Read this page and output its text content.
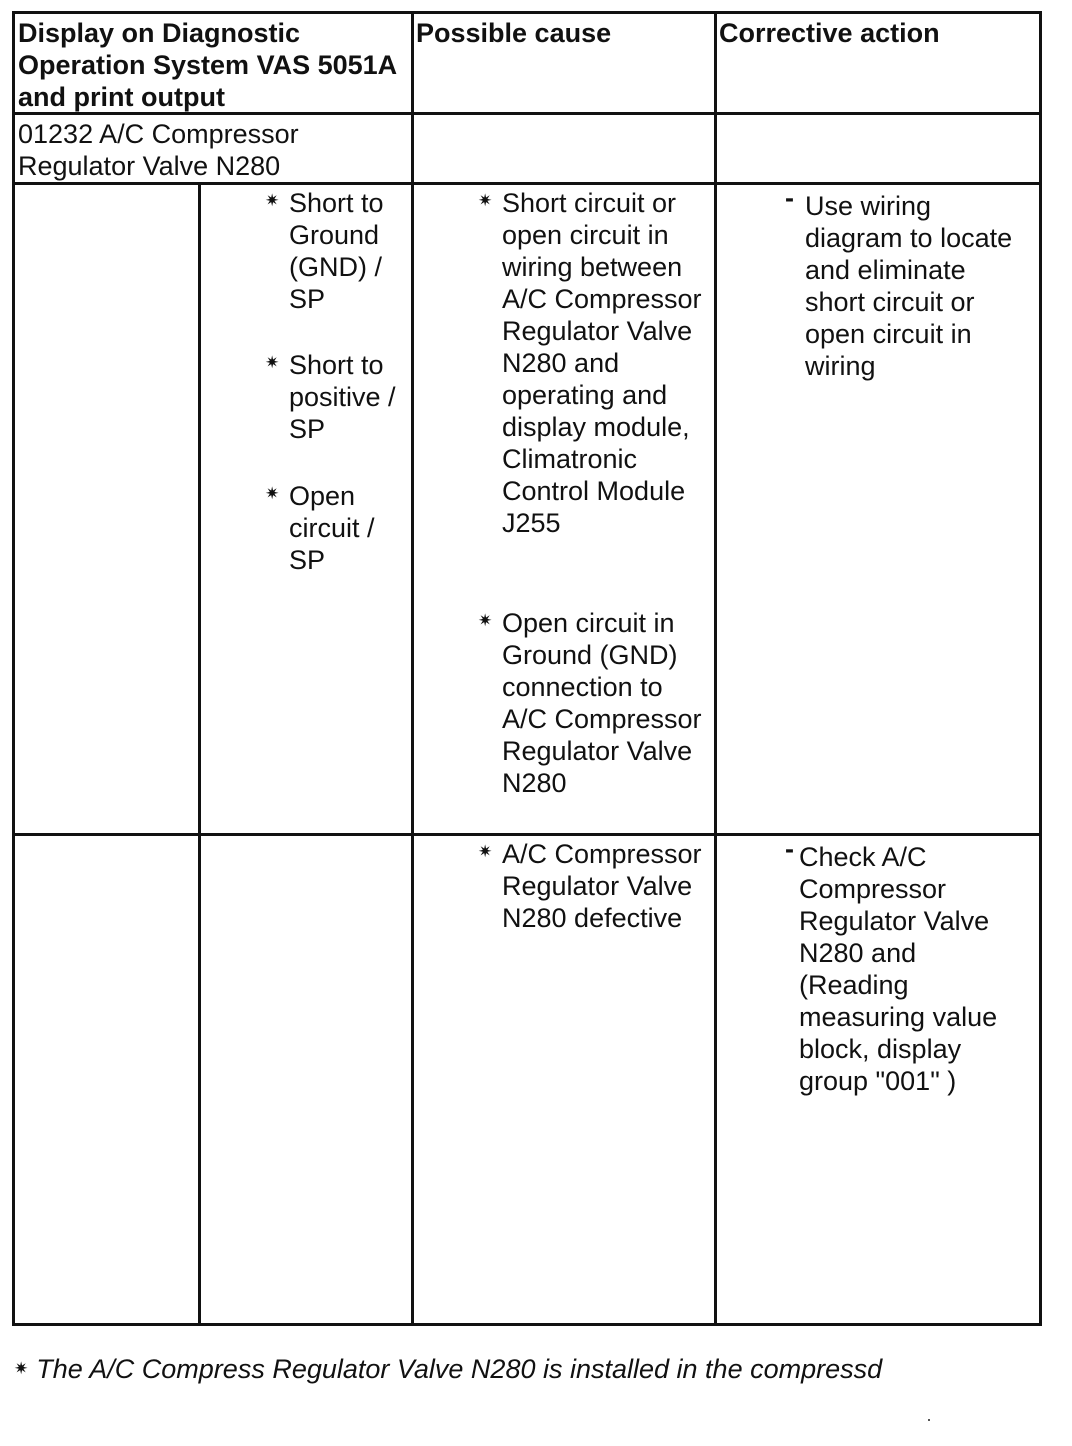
Display on Diagnostic Operation System VAS 5051A and print output
Possible cause	Corrective action
01232 A/C Compressor Regulator Valve N280
✷ Short to Ground (GND) / SP
✷ Short to positive / SP
✷ Open circuit / SP
✷ Short circuit or open circuit in wiring between A/C Compressor Regulator Valve N280 and operating and display module, Climatronic Control Module J255
✷ Open circuit in Ground (GND) connection to A/C Compressor Regulator Valve N280
- Use wiring diagram to locate and eliminate short circuit or open circuit in wiring
✷ A/C Compressor Regulator Valve N280 defective
- Check A/C Compressor Regulator Valve N280 and (Reading measuring value block, display group "001" )
✷ The A/C Compress Regulator Valve N280 is installed in the compressd
